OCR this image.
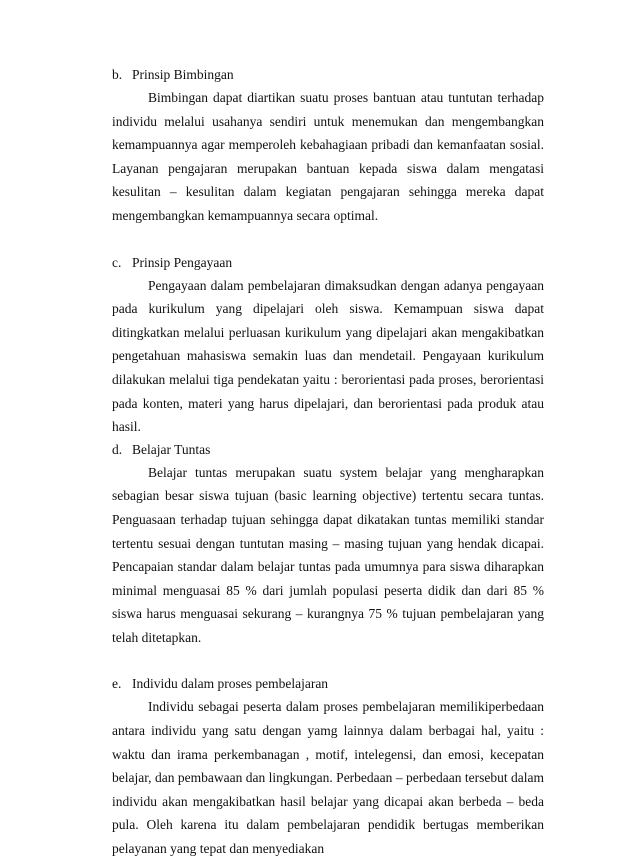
b. Prinsip Bimbingan

Bimbingan dapat diartikan suatu proses bantuan atau tuntutan terhadap individu melalui usahanya sendiri untuk menemukan dan mengembangkan kemampuannya agar memperoleh kebahagiaan pribadi dan kemanfaatan sosial. Layanan pengajaran merupakan bantuan kepada siswa dalam mengatasi kesulitan – kesulitan dalam kegiatan pengajaran sehingga mereka dapat mengembangkan kemampuannya secara optimal.

c. Prinsip Pengayaan

Pengayaan dalam pembelajaran dimaksudkan dengan adanya pengayaan pada kurikulum yang dipelajari oleh siswa. Kemampuan siswa dapat ditingkatkan melalui perluasan kurikulum yang dipelajari akan mengakibatkan pengetahuan mahasiswa semakin luas dan mendetail. Pengayaan kurikulum dilakukan melalui tiga pendekatan yaitu : berorientasi pada proses, berorientasi pada konten, materi yang harus dipelajari, dan berorientasi pada produk atau hasil.

d. Belajar Tuntas

Belajar tuntas merupakan suatu system belajar yang mengharapkan sebagian besar siswa tujuan (basic learning objective) tertentu secara tuntas. Penguasaan terhadap tujuan sehingga dapat dikatakan tuntas memiliki standar tertentu sesuai dengan tuntutan masing – masing tujuan yang hendak dicapai. Pencapaian standar dalam belajar tuntas pada umumnya para siswa diharapkan minimal menguasai 85 % dari jumlah populasi peserta didik dan dari 85 % siswa harus menguasai sekurang – kurangnya 75 % tujuan pembelajaran yang telah ditetapkan.

e. Individu dalam proses pembelajaran

Individu sebagai peserta dalam proses pembelajaran memilikiperbedaan antara individu yang satu dengan yamg lainnya dalam berbagai hal, yaitu : waktu dan irama perkembanagan , motif, intelegensi, dan emosi, kecepatan belajar, dan pembawaan dan lingkungan. Perbedaan – perbedaan tersebut dalam individu akan mengakibatkan hasil belajar yang dicapai akan berbeda – beda pula. Oleh karena itu dalam pembelajaran pendidik bertugas memberikan pelayanan yang tepat dan menyediakan
